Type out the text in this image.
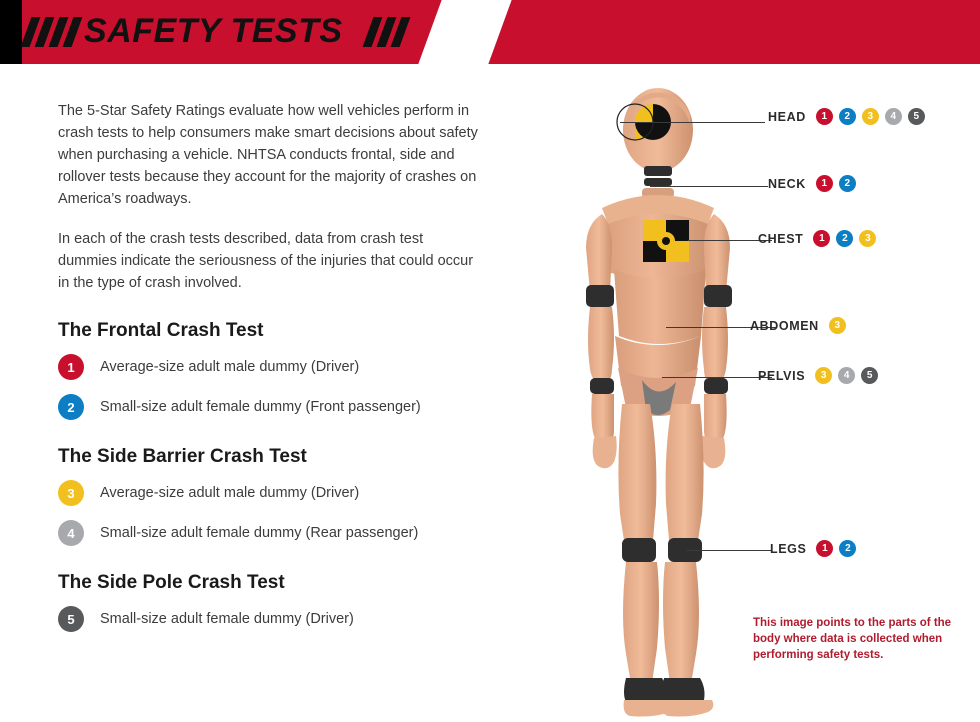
SAFETY TESTS

The 5-Star Safety Ratings evaluate how well vehicles perform in crash tests to help consumers make smart decisions about safety when purchasing a vehicle. NHTSA conducts frontal, side and rollover tests because they account for the majority of crashes on America’s roadways.

In each of the crash tests described, data from crash test dummies indicate the seriousness of the injuries that could occur in the type of crash involved.

The Frontal Crash Test
1	Average-size adult male dummy (Driver)
2	Small-size adult female dummy (Front passenger)
The Side Barrier Crash Test
3	Average-size adult male dummy (Driver)
4	Small-size adult female dummy (Rear passenger)
The Side Pole Crash Test
5	Small-size adult female dummy (Driver)
HEAD	1	2	3	4	5
NECK	1	2
CHEST	1	2	3
ABDOMEN	3
PELVIS	3	4	5
LEGS	1	2
This image points to the parts of the body where data is collected when performing safety tests.
